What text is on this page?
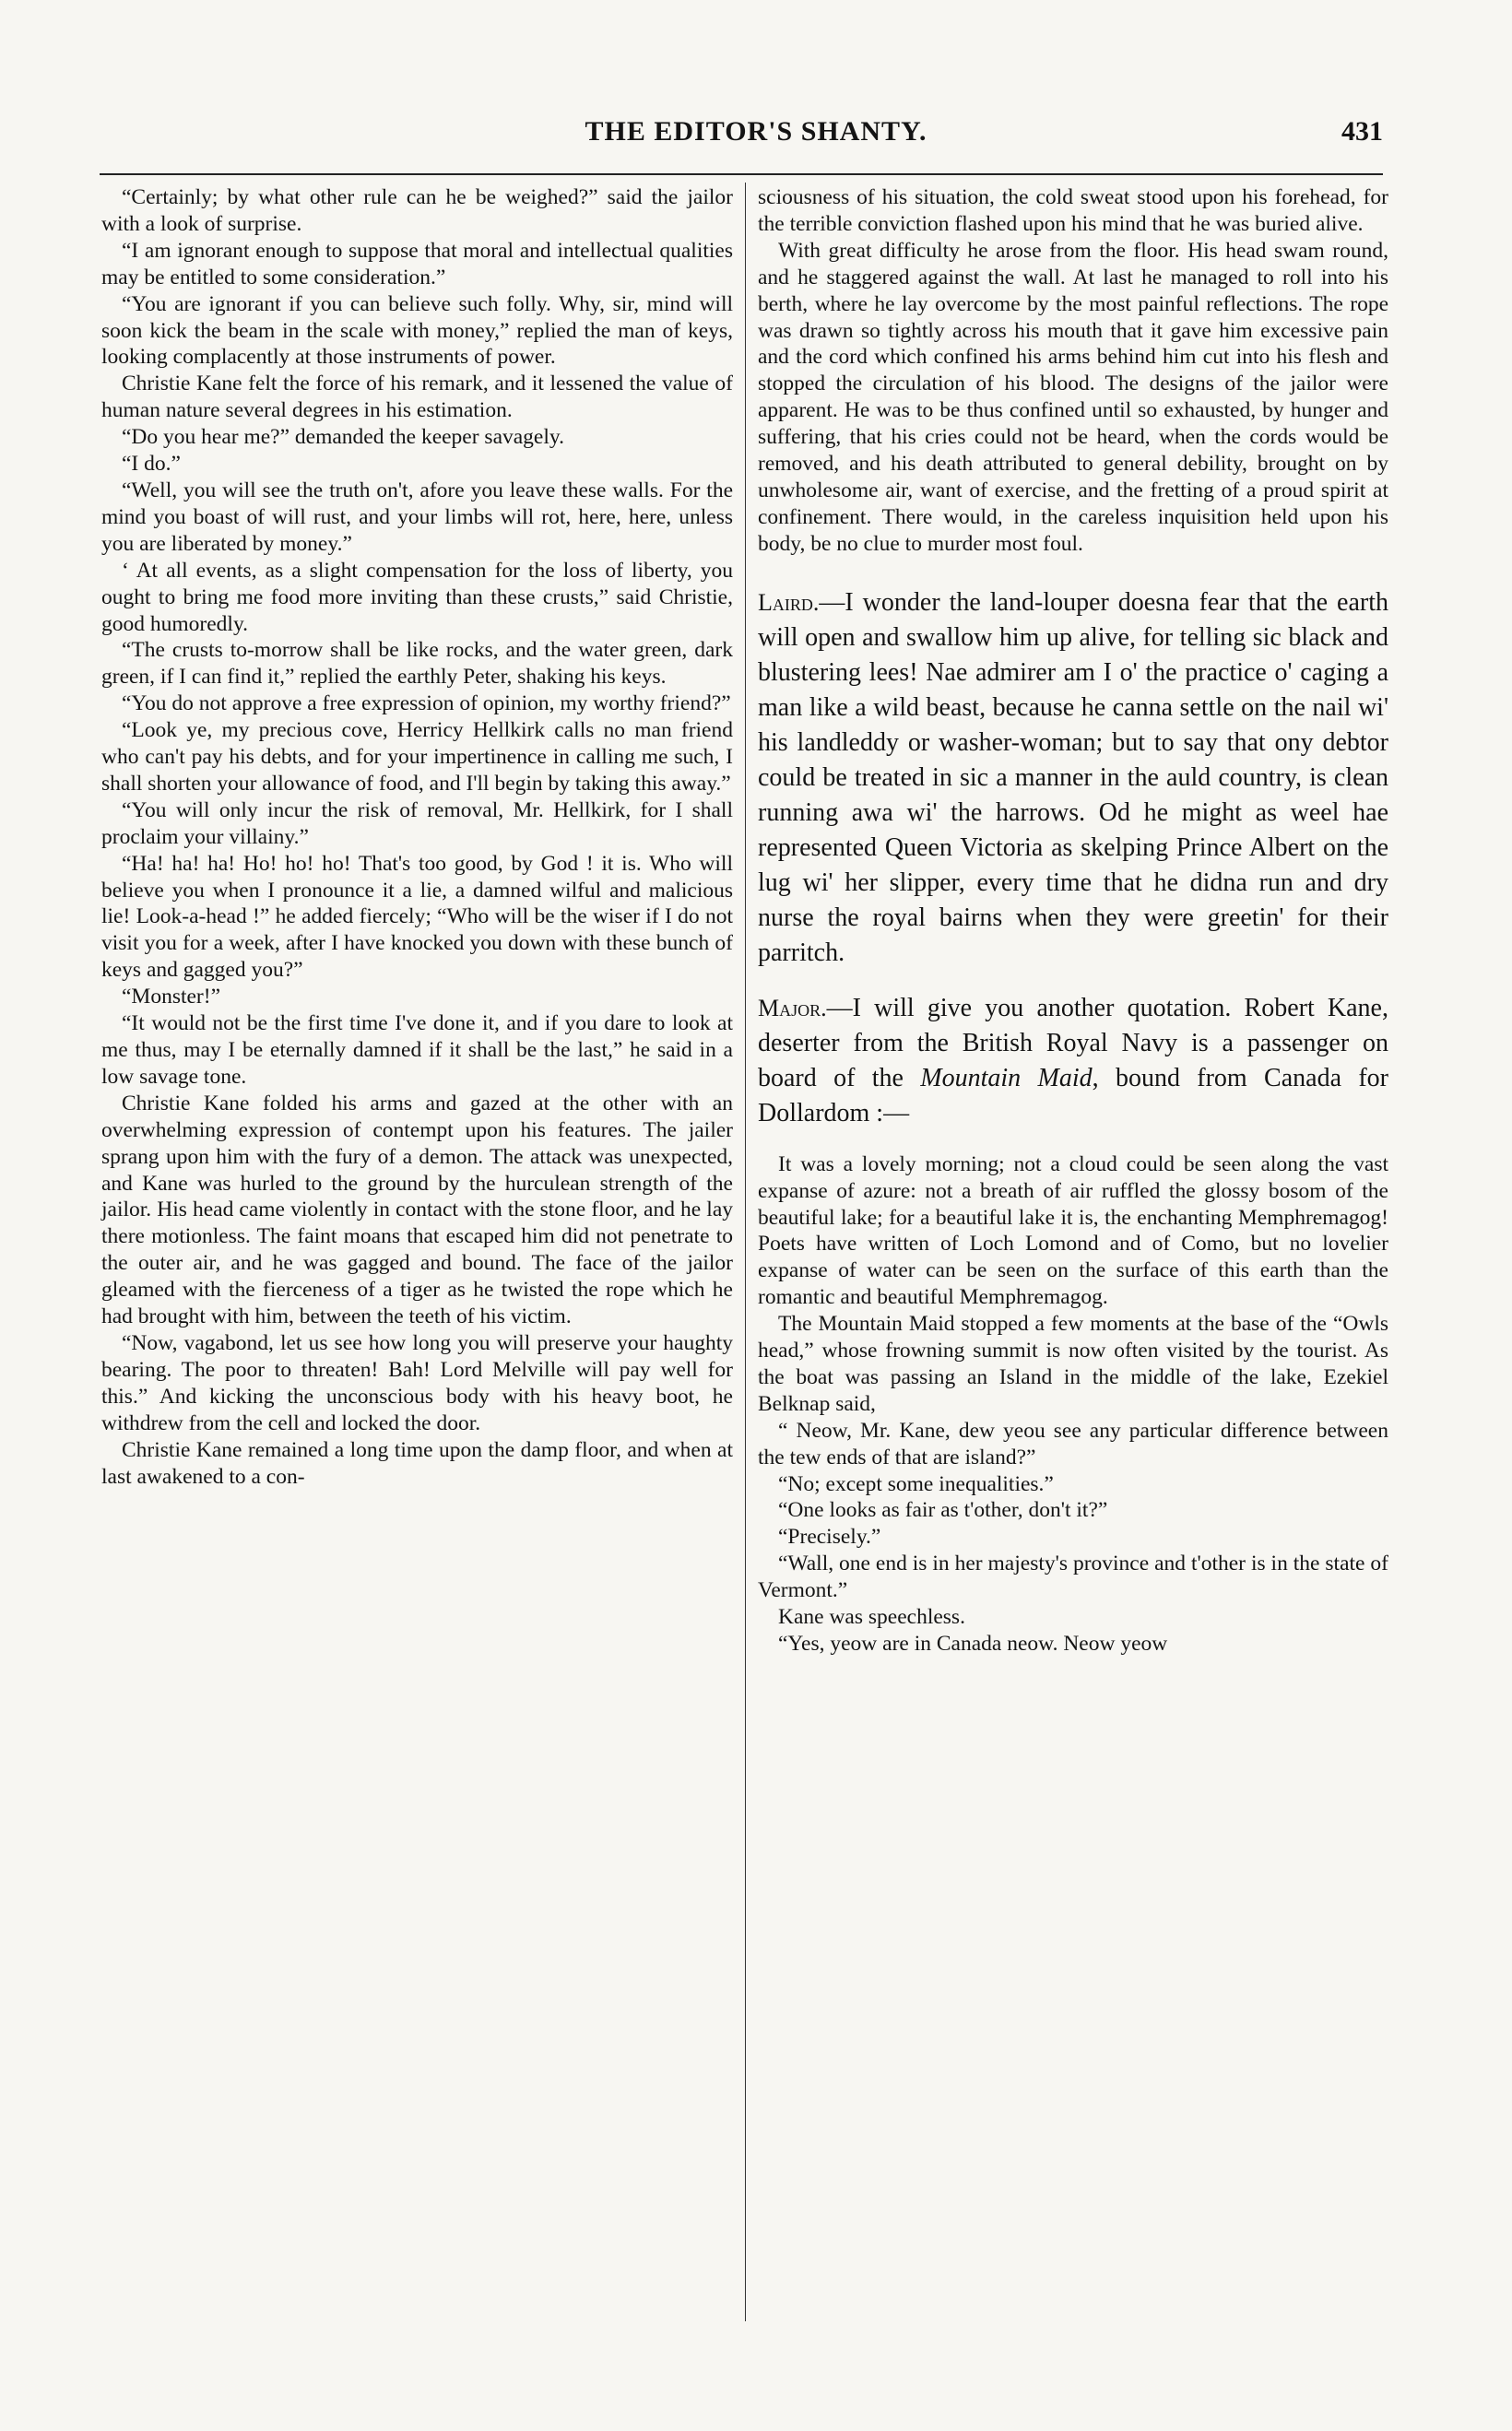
THE EDITOR'S SHANTY.	431

“Certainly; by what other rule can he be weighed?” said the jailor with a look of surprise.

“I am ignorant enough to suppose that moral and intellectual qualities may be entitled to some consideration.”

“You are ignorant if you can believe such folly. Why, sir, mind will soon kick the beam in the scale with money,” replied the man of keys, looking complacently at those instruments of power.

Christie Kane felt the force of his remark, and it lessened the value of human nature several degrees in his estimation.

“Do you hear me?” demanded the keeper savagely.

“I do.”

“Well, you will see the truth on't, afore you leave these walls. For the mind you boast of will rust, and your limbs will rot, here, here, unless you are liberated by money.”

‘ At all events, as a slight compensation for the loss of liberty, you ought to bring me food more inviting than these crusts,” said Christie, good humoredly.

“The crusts to-morrow shall be like rocks, and the water green, dark green, if I can find it,” replied the earthly Peter, shaking his keys.

“You do not approve a free expression of opinion, my worthy friend?”

“Look ye, my precious cove, Herricy Hellkirk calls no man friend who can't pay his debts, and for your impertinence in calling me such, I shall shorten your allowance of food, and I'll begin by taking this away.”

“You will only incur the risk of removal, Mr. Hellkirk, for I shall proclaim your villainy.”

“Ha! ha! ha! Ho! ho! ho! That's too good, by God ! it is. Who will believe you when I pronounce it a lie, a damned wilful and malicious lie! Look-a-head !” he added fiercely; “Who will be the wiser if I do not visit you for a week, after I have knocked you down with these bunch of keys and gagged you?”

“Monster!”

“It would not be the first time I've done it, and if you dare to look at me thus, may I be eternally damned if it shall be the last,” he said in a low savage tone.

Christie Kane folded his arms and gazed at the other with an overwhelming expression of contempt upon his features. The jailer sprang upon him with the fury of a demon. The attack was unexpected, and Kane was hurled to the ground by the hurculean strength of the jailor. His head came violently in contact with the stone floor, and he lay there motionless. The faint moans that escaped him did not penetrate to the outer air, and he was gagged and bound. The face of the jailor gleamed with the fierceness of a tiger as he twisted the rope which he had brought with him, between the teeth of his victim.

“Now, vagabond, let us see how long you will preserve your haughty bearing. The poor to threaten! Bah! Lord Melville will pay well for this.” And kicking the unconscious body with his heavy boot, he withdrew from the cell and locked the door.

Christie Kane remained a long time upon the damp floor, and when at last awakened to a con-

sciousness of his situation, the cold sweat stood upon his forehead, for the terrible conviction flashed upon his mind that he was buried alive.

With great difficulty he arose from the floor. His head swam round, and he staggered against the wall. At last he managed to roll into his berth, where he lay overcome by the most painful reflections. The rope was drawn so tightly across his mouth that it gave him excessive pain and the cord which confined his arms behind him cut into his flesh and stopped the circulation of his blood. The designs of the jailor were apparent. He was to be thus confined until so exhausted, by hunger and suffering, that his cries could not be heard, when the cords would be removed, and his death attributed to general debility, brought on by unwholesome air, want of exercise, and the fretting of a proud spirit at confinement. There would, in the careless inquisition held upon his body, be no clue to murder most foul.

Laird.—I wonder the land-louper doesna fear that the earth will open and swallow him up alive, for telling sic black and blustering lees! Nae admirer am I o' the practice o' caging a man like a wild beast, because he canna settle on the nail wi' his landleddy or washer-woman; but to say that ony debtor could be treated in sic a manner in the auld country, is clean running awa wi' the harrows. Od he might as weel hae represented Queen Victoria as skelping Prince Albert on the lug wi' her slipper, every time that he didna run and dry nurse the royal bairns when they were greetin' for their parritch.

Major.—I will give you another quotation. Robert Kane, deserter from the British Royal Navy is a passenger on board of the Mountain Maid, bound from Canada for Dollardom :—

It was a lovely morning; not a cloud could be seen along the vast expanse of azure: not a breath of air ruffled the glossy bosom of the beautiful lake; for a beautiful lake it is, the enchanting Memphremagog! Poets have written of Loch Lomond and of Como, but no lovelier expanse of water can be seen on the surface of this earth than the romantic and beautiful Memphremagog.

The Mountain Maid stopped a few moments at the base of the “Owls head,” whose frowning summit is now often visited by the tourist. As the boat was passing an Island in the middle of the lake, Ezekiel Belknap said,

“ Neow, Mr. Kane, dew yeou see any particular difference between the tew ends of that are island?”

“No; except some inequalities.”

“One looks as fair as t'other, don't it?”

“Precisely.”

“Wall, one end is in her majesty's province and t'other is in the state of Vermont.”

Kane was speechless.

“Yes, yeow are in Canada neow. Neow yeow
